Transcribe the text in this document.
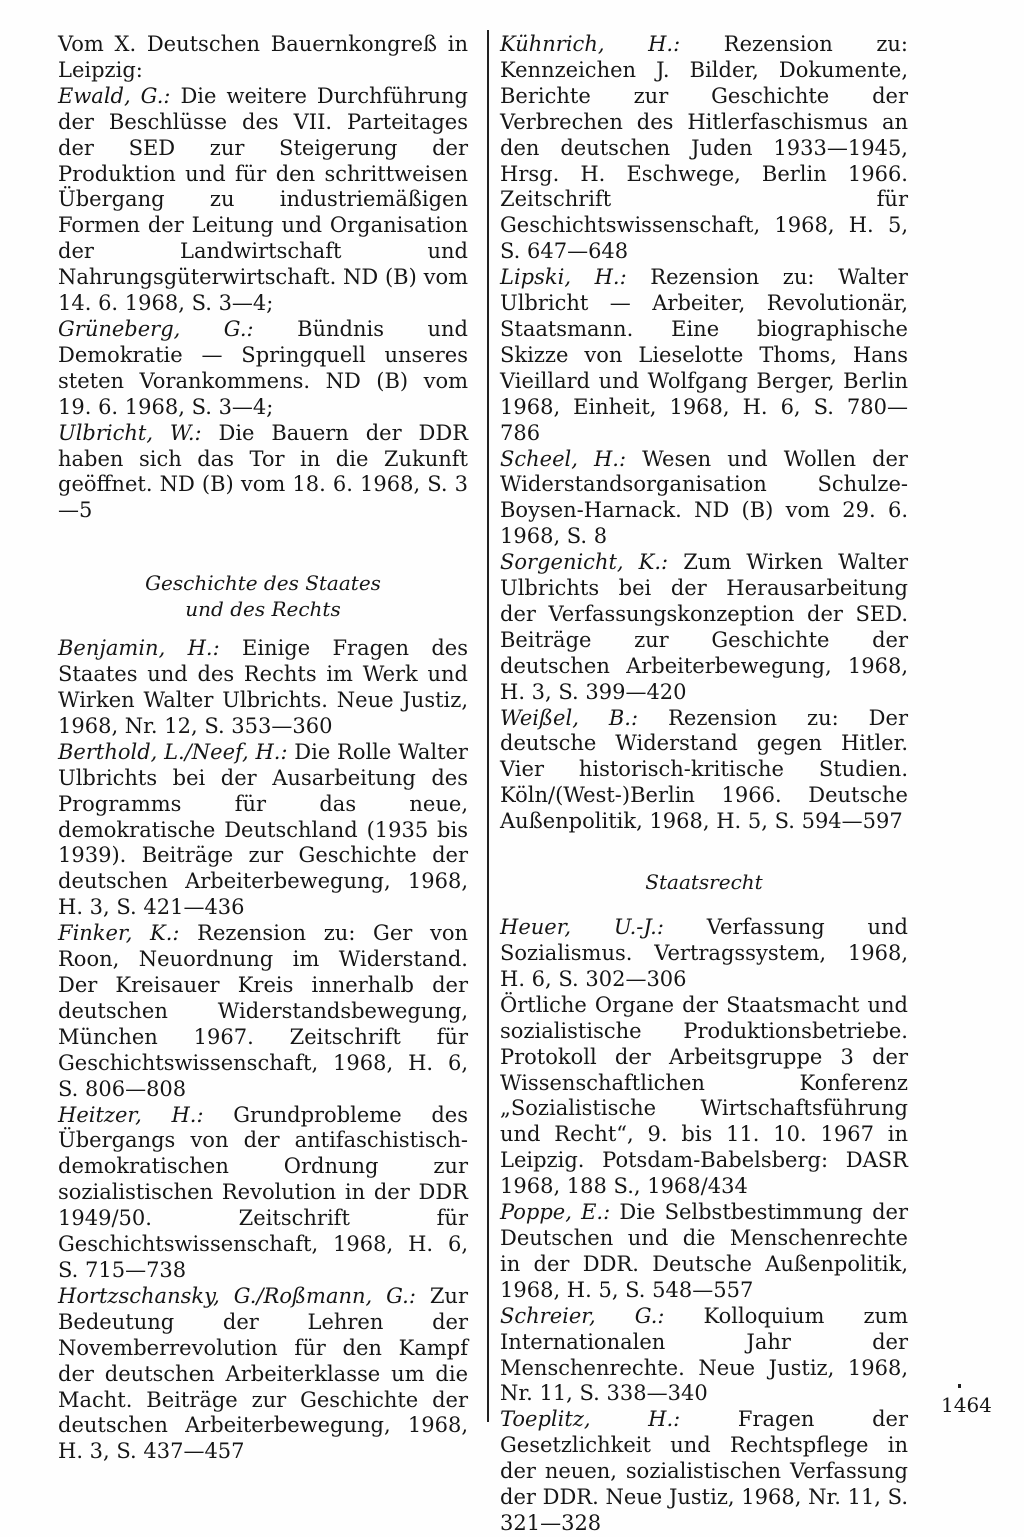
Vom X. Deutschen Bauernkongreß in Leipzig:

Ewald, G.: Die weitere Durchführung der Beschlüsse des VII. Parteitages der SED zur Steigerung der Produktion und für den schrittweisen Übergang zu industriemäßigen Formen der Leitung und Organisation der Landwirtschaft und Nahrungsgüterwirtschaft. ND (B) vom 14. 6. 1968, S. 3—4;

Grüneberg, G.: Bündnis und Demokratie — Springquell unseres steten Vorankommens. ND (B) vom 19. 6. 1968, S. 3—4;

Ulbricht, W.: Die Bauern der DDR haben sich das Tor in die Zukunft geöffnet. ND (B) vom 18. 6. 1968, S. 3—5

Geschichte des Staates

und des Rechts

Benjamin, H.: Einige Fragen des Staates und des Rechts im Werk und Wirken Walter Ulbrichts. Neue Justiz, 1968, Nr. 12, S. 353—360

Berthold, L./Neef, H.: Die Rolle Walter Ulbrichts bei der Ausarbeitung des Programms für das neue, demokratische Deutschland (1935 bis 1939). Beiträge zur Geschichte der deutschen Arbeiterbewegung, 1968, H. 3, S. 421—436

Finker, K.: Rezension zu: Ger von Roon, Neuordnung im Widerstand. Der Kreisauer Kreis innerhalb der deutschen Widerstandsbewegung, München 1967. Zeitschrift für Geschichtswissenschaft, 1968, H. 6, S. 806—808

Heitzer, H.: Grundprobleme des Übergangs von der antifaschistisch-demokratischen Ordnung zur sozialistischen Revolution in der DDR 1949/50. Zeitschrift für Geschichtswissenschaft, 1968, H. 6, S. 715—738

Hortzschansky, G./Roßmann, G.: Zur Bedeutung der Lehren der Novemberrevolution für den Kampf der deutschen Arbeiterklasse um die Macht. Beiträge zur Geschichte der deutschen Arbeiterbewegung, 1968, H. 3, S. 437—457

Kühnrich, H.: Rezension zu: Kennzeichen J. Bilder, Dokumente, Berichte zur Geschichte der Verbrechen des Hitlerfaschismus an den deutschen Juden 1933—1945, Hrsg. H. Eschwege, Berlin 1966. Zeitschrift für Geschichtswissenschaft, 1968, H. 5, S. 647—648

Lipski, H.: Rezension zu: Walter Ulbricht — Arbeiter, Revolutionär, Staatsmann. Eine biographische Skizze von Lieselotte Thoms, Hans Vieillard und Wolfgang Berger, Berlin 1968, Einheit, 1968, H. 6, S. 780—786

Scheel, H.: Wesen und Wollen der Widerstandsorganisation Schulze-Boysen-Harnack. ND (B) vom 29. 6. 1968, S. 8

Sorgenicht, K.: Zum Wirken Walter Ulbrichts bei der Herausarbeitung der Verfassungskonzeption der SED. Beiträge zur Geschichte der deutschen Arbeiterbewegung, 1968, H. 3, S. 399—420

Weißel, B.: Rezension zu: Der deutsche Widerstand gegen Hitler. Vier historisch-kritische Studien. Köln/(West-)Berlin 1966. Deutsche Außenpolitik, 1968, H. 5, S. 594—597

Staatsrecht

Heuer, U.-J.: Verfassung und Sozialismus. Vertragssystem, 1968, H. 6, S. 302—306

Örtliche Organe der Staatsmacht und sozialistische Produktionsbetriebe. Protokoll der Arbeitsgruppe 3 der Wissenschaftlichen Konferenz „Sozialistische Wirtschaftsführung und Recht“, 9. bis 11. 10. 1967 in Leipzig. Potsdam-Babelsberg: DASR 1968, 188 S., 1968/434

Poppe, E.: Die Selbstbestimmung der Deutschen und die Menschenrechte in der DDR. Deutsche Außenpolitik, 1968, H. 5, S. 548—557

Schreier, G.: Kolloquium zum Internationalen Jahr der Menschenrechte. Neue Justiz, 1968, Nr. 11, S. 338—340

Toeplitz, H.:	Fragen der Gesetzlichkeit und Rechtspflege in der neuen, sozialistischen Verfassung der DDR. Neue Justiz, 1968, Nr. 11, S. 321—328

1464
